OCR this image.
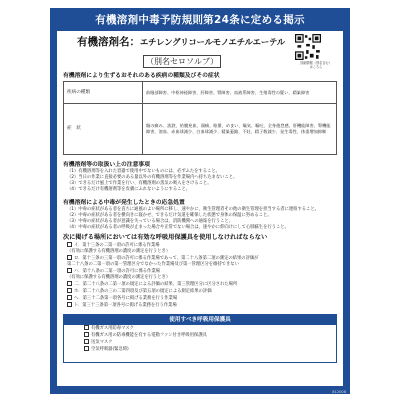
有機溶剤中毒予防規則第24条に定める掲示
有機溶剤名：エチレングリコールモノエチルエーテル
（別名セロソルブ）	詳細情報（別名含む）はこちら
有機溶剤により生ずるおそれのある疾病の種類及びその症状
疾病の種類	前眼部障害、中枢神経障害、肝障害、腎障害、血液系障害、生殖毒性の疑い、精巣障害
症　状	眼の痛み、流涙、結膜充血、頭痛、眩暈、めまい、嘔気、嘔吐、全身倦怠感、肝機能障害、腎機能障害、溶血、赤血球減少、白血球減少、精巣萎縮、不妊、精子数減少、発生毒性、体重増加抑制
有機溶剤等の取扱い上の注意事項
（1）有機溶剤等を入れた容器で使用中でないものには、必ずふたをすること。
（2）当日の作業に直接必要のある量以外の有機溶剤等を作業場内へ持ち込まないこと。
（3）できるだけ風上で作業を行い、有機溶剤の蒸気の吸入をさけること。
（4）できるだけ有機溶剤等を皮膚にふれないようにすること。
有機溶剤による中毒が発生したときの応急処置
（1）中毒の症状がある者を直ちに通風のよい場所に移し、速やかに、衛生管理者その他の衛生管理を担当する者に連絡すること。
（2）中毒の症状がある者を横向きに寝かせ、できるだけ気道を確保した状態で身体の保温に努めること。
（3）中毒の症状がある者が意識を失っている場合は、消防機関への通報を行うこと。
（4）中毒の症状がある者の呼吸が止まった場合や正常でない場合は、速やかに仰向けにして心肺蘇生を行うこと。
次に掲げる場所においては有効な呼吸用保護具を使用しなければならない
イ．第十三条の二第一項の許可に係る作業場
（有効に保護する有機溶剤の濃度の測定を行うとき）
ロ．第十三条の三第一項の許可に係る作業場であって、第二十八条第二項の測定の結果の評価が
第二十八条の二第一項の第一管理区分でなかった作業場及び第一管理区分を維持できない
ハ．第十八条の二第一項の許可に係る作業場
（有効に保護する有機溶剤の濃度の測定を行うとき）
二．第二十八条の二第一項の規定による評価の結果、第三管理区分に区分された場所
ホ．第二十八条の三の二第四項及び第五項の規定による測定結果の評価
ヘ．第三十二条第一項各号に掲げる業務を行う作業場
ト．第三十三条第一項各号に掲げる業務を行う作業場
使用すべき呼吸用保護具
有機ガス用防毒マスク
有機ガス用の防毒機能を有する電動ファン付き呼吸用保護具
送気マスク
空気呼吸器(緊急時)
812008
